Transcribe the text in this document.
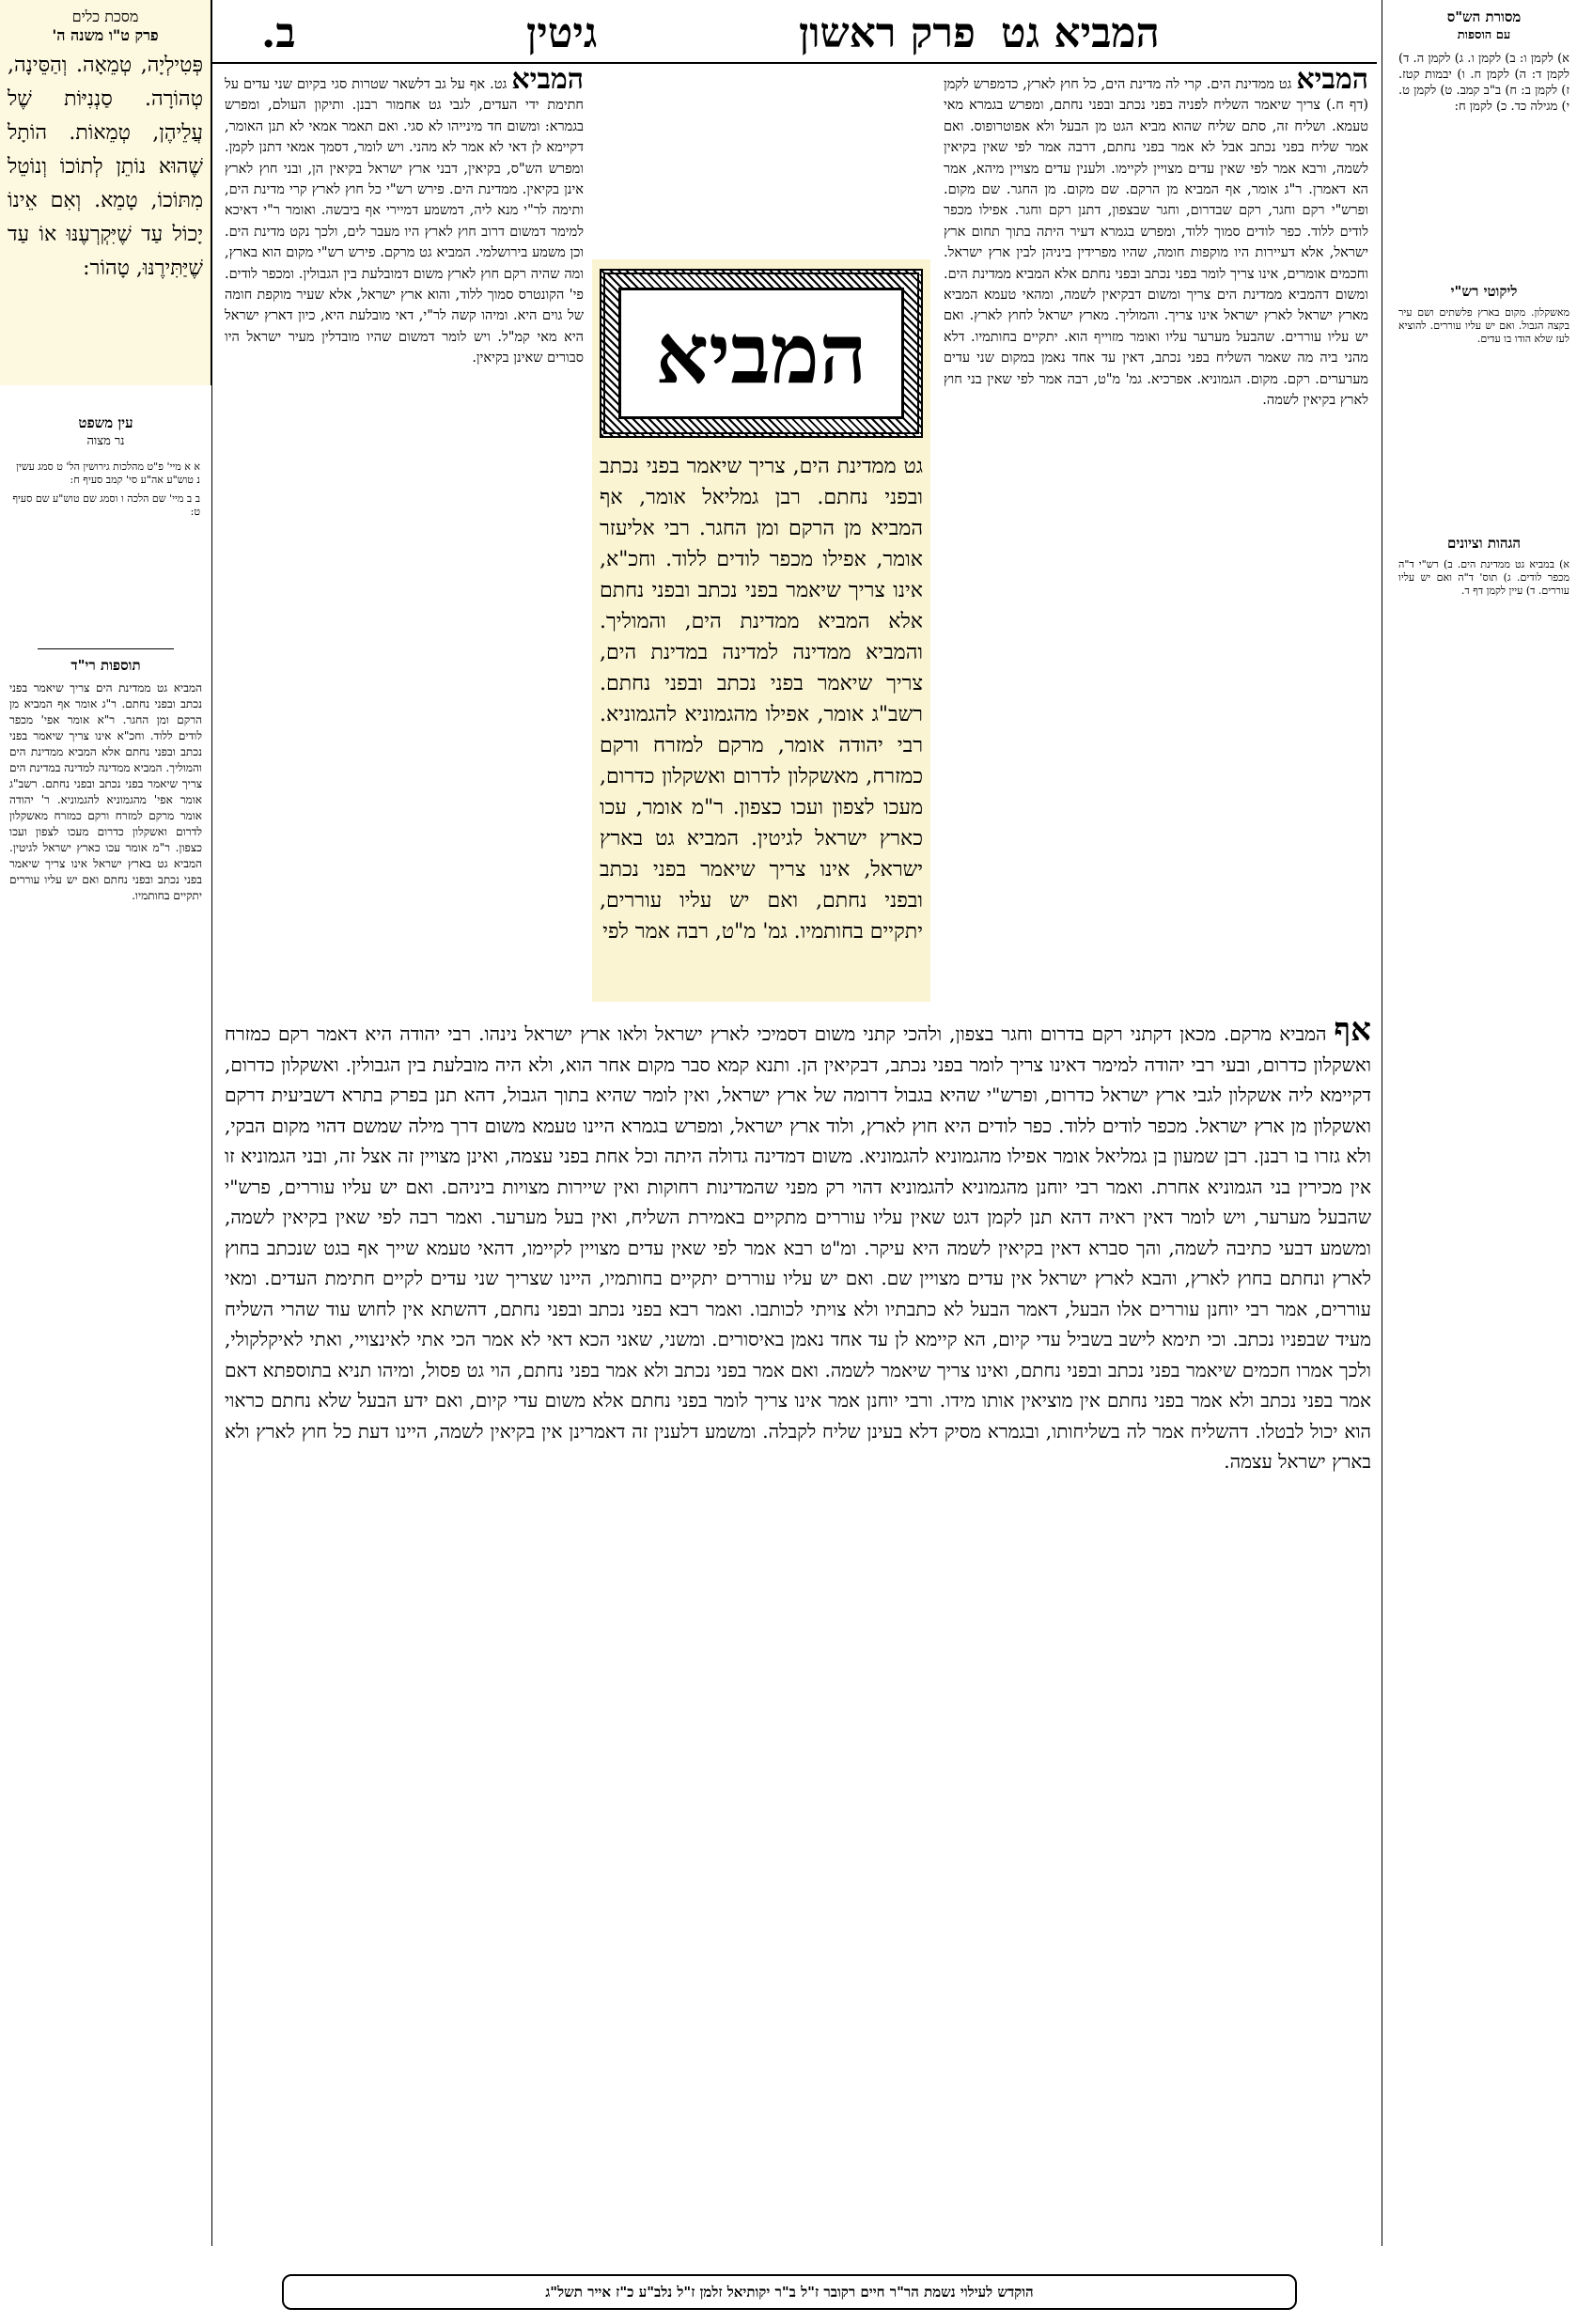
ב.	גיטין	פרק ראשון המביא גט
מסכת כלים
פרק ט"ו משנה ה'
פְּטִילְיָה, טְמֵאָה. וְהַסֵּינָה, טְהוֹרָה. סַנְנִיּוֹת שֶׁל עֲלֵיהֶן, טְמֵאוֹת. הוֹתָל שֶׁהוּא נוֹתֵן לְתוֹכוֹ וְנוֹטֵל מִתּוֹכוֹ, טָמֵא. וְאִם אֵינוֹ יָכוֹל עַד שֶׁיִּקְרְעֶנּוּ אוֹ עַד שֶׁיַּתִּירֶנּוּ, טָהוֹר:
עין משפט
נר מצוה
א א מיי' פ"ט מהלכות גירושין הל' ט סמג עשין נ טוש"ע אה"ע סי' קמב סעיף ח:
ב ב מיי' שם הלכה ו וסמג שם טוש"ע שם סעיף ט:
תוספות רי"ד
המביא גט ממדינת הים צריך שיאמר בפני נכתב ובפני נחתם. ר"ג אומר אף המביא מן הרקם ומן החגר. ר"א אומר אפי' מכפר לודים ללוד. וחכ"א אינו צריך שיאמר בפני נכתב ובפני נחתם אלא המביא ממדינת הים והמוליך. המביא ממדינה למדינה במדינת הים צריך שיאמר בפני נכתב ובפני נחתם. רשב"ג אומר אפי' מהגמוניא להגמוניא. ר' יהודה אומר מרקם למזרח ורקם כמזרח מאשקלון לדרום ואשקלון כדרום מעכו לצפון ועכו כצפון. ר"מ אומר עכו כארץ ישראל לגיטין. המביא גט בארץ ישראל אינו צריך שיאמר בפני נכתב ובפני נחתם ואם יש עליו עוררים יתקיים בחותמיו.
מסורת הש"ס
עם הוספות
א) לקמן ו: ב) לקמן ו. ג) לקמן ה. ד) לקמן ד: ה) לקמן ח. ו) יבמות קטז. ז) לקמן ב: ח) ב"ב קמב. ט) לקמן ט. י) מגילה כד. כ) לקמן ח:
ליקוטי רש"י
מאשקלון. מקום בארץ פלשתים ושם עיר בקצה הגבול. ואם יש עליו עוררים. להוציא לעז שלא הודו בו עדים.
הגהות וציונים
א) במביא גט ממדינת הים. ב) רש"י ד"ה מכפר לודים. ג) תוס' ד"ה ואם יש עליו עוררים. ד) עיין לקמן דף ד.
המביא גט ממדינת הים. קרי לה מדינת הים, כל חוץ לארץ, כדמפרש לקמן (דף ח.) צריך שיאמר השליח לפניה בפני נכתב ובפני נחתם, ומפרש בגמרא מאי טעמא. ושליח זה, סתם שליח שהוא מביא הגט מן הבעל ולא אפוטרופוס. ואם אמר שליח בפני נכתב אבל לא אמר בפני נחתם, דרבה אמר לפי שאין בקיאין לשמה, ורבא אמר לפי שאין עדים מצויין לקיימו. ולענין עדים מצויין מיהא, אמר הא דאמרן. ר"ג אומר, אף המביא מן הרקם. שם מקום. מן החגר. שם מקום. ופרש"י רקם וחגר, רקם שבדרום, וחגר שבצפון, דתנן רקם וחגר. אפילו מכפר לודים ללוד. כפר לודים סמוך ללוד, ומפרש בגמרא דעיר היתה בתוך תחום ארץ ישראל, אלא דעיירות היו מוקפות חומה, שהיו מפרידין ביניהן לבין ארץ ישראל. וחכמים אומרים, אינו צריך לומר בפני נכתב ובפני נחתם אלא המביא ממדינת הים. ומשום דהמביא ממדינת הים צריך ומשום דבקיאין לשמה, ומהאי טעמא המביא מארץ ישראל לארץ ישראל אינו צריך. והמוליך. מארץ ישראל לחוץ לארץ. ואם יש עליו עוררים. שהבעל מערער עליו ואומר מזוייף הוא. יתקיים בחותמיו. דלא מהני ביה מה שאמר השליח בפני נכתב, דאין עד אחד נאמן במקום שני עדים מערערים. רקם. מקום. הגמוניא. אפרכיא. גמ' מ"ט, רבה אמר לפי שאין בני חוץ לארץ בקיאין לשמה.
המביא גט. אף על גב דלשאר שטרות סגי בקיום שני עדים על חתימת ידי העדים, לגבי גט אחמור רבנן. ותיקון העולם, ומפרש בגמרא: ומשום חד מינייהו לא סגי. ואם תאמר אמאי לא תנן האומר, דקיימא לן דאי לא אמר לא מהני. ויש לומר, דסמך אמאי דתנן לקמן. ומפרש הש"ס, בקיאין, דבני ארץ ישראל בקיאין הן, ובני חוץ לארץ אינן בקיאין. ממדינת הים. פירש רש"י כל חוץ לארץ קרי מדינת הים, ותימה לר"י מנא ליה, דמשמע דמיירי אף ביבשה. ואומר ר"י דאיכא למימר דמשום דרוב חוץ לארץ היו מעבר לים, ולכך נקט מדינת הים. וכן משמע בירושלמי. המביא גט מרקם. פירש רש"י מקום הוא בארץ, ומה שהיה רקם חוץ לארץ משום דמובלעת בין הגבולין. ומכפר לודים. פי' הקונטרס סמוך ללוד, והוא ארץ ישראל, אלא שעיר מוקפת חומה של גוים היא. ומיהו קשה לר"י, דאי מובלעת היא, כיון דארץ ישראל היא מאי קמ"ל. ויש לומר דמשום שהיו מובדלין מעיר ישראל היו סבורים שאינן בקיאין. המביא
גט ממדינת הים, צריך שיאמר בפני נכתב ובפני נחתם. רבן גמליאל אומר, אף המביא מן הרקם ומן החגר. רבי אליעזר אומר, אפילו מכפר לודים ללוד. וחכ"א, אינו צריך שיאמר בפני נכתב ובפני נחתם אלא המביא ממדינת הים, והמוליך. והמביא ממדינה למדינה במדינת הים, צריך שיאמר בפני נכתב ובפני נחתם. רשב"ג אומר, אפילו מהגמוניא להגמוניא. רבי יהודה אומר, מרקם למזרח ורקם כמזרח, מאשקלון לדרום ואשקלון כדרום, מעכו לצפון ועכו כצפון. ר"מ אומר, עכו כארץ ישראל לגיטין. המביא גט בארץ ישראל, אינו צריך שיאמר בפני נכתב ובפני נחתם, ואם יש עליו עוררים, יתקיים בחותמיו. גמ' מ"ט, רבה אמר לפי
אף המביא מרקם. מכאן דקתני רקם בדרום וחגר בצפון, ולהכי קתני משום דסמיכי לארץ ישראל ולאו ארץ ישראל נינהו. רבי יהודה היא דאמר רקם כמזרח ואשקלון כדרום, ובעי רבי יהודה למימר דאינו צריך לומר בפני נכתב, דבקיאין הן. ותנא קמא סבר מקום אחר הוא, ולא היה מובלעת בין הגבולין. ואשקלון כדרום, דקיימא ליה אשקלון לגבי ארץ ישראל כדרום, ופרש"י שהיא בגבול דרומה של ארץ ישראל, ואין לומר שהיא בתוך הגבול, דהא תנן בפרק בתרא דשביעית דרקם ואשקלון מן ארץ ישראל. מכפר לודים ללוד. כפר לודים היא חוץ לארץ, ולוד ארץ ישראל, ומפרש בגמרא היינו טעמא משום דרך מילה שמשם דהוי מקום הבקי, ולא גזרו בו רבנן. רבן שמעון בן גמליאל אומר אפילו מהגמוניא להגמוניא. משום דמדינה גדולה היתה וכל אחת בפני עצמה, ואינן מצויין זה אצל זה, ובני הגמוניא זו אין מכירין בני הגמוניא אחרת. ואמר רבי יוחנן מהגמוניא להגמוניא דהוי רק מפני שהמדינות רחוקות ואין שיירות מצויות ביניהם. ואם יש עליו עוררים, פרש"י שהבעל מערער, ויש לומר דאין ראיה דהא תנן לקמן דגט שאין עליו עוררים מתקיים באמירת השליח, ואין בעל מערער. ואמר רבה לפי שאין בקיאין לשמה, ומשמע דבעי כתיבה לשמה, והך סברא דאין בקיאין לשמה היא עיקר. ומ"ט רבא אמר לפי שאין עדים מצויין לקיימו, דהאי טעמא שייך אף בגט שנכתב בחוץ לארץ ונחתם בחוץ לארץ, והבא לארץ ישראל אין עדים מצויין שם. ואם יש עליו עוררים יתקיים בחותמיו, היינו שצריך שני עדים לקיים חתימת העדים. ומאי עוררים, אמר רבי יוחנן עוררים אלו הבעל, דאמר הבעל לא כתבתיו ולא צויתי לכותבו. ואמר רבא בפני נכתב ובפני נחתם, דהשתא אין לחוש עוד שהרי השליח מעיד שבפניו נכתב. וכי תימא לישב בשביל עדי קיום, הא קיימא לן עד אחד נאמן באיסורים. ומשני, שאני הכא דאי לא אמר הכי אתי לאינצויי, ואתי לאיקלקולי, ולכך אמרו חכמים שיאמר בפני נכתב ובפני נחתם, ואינו צריך שיאמר לשמה. ואם אמר בפני נכתב ולא אמר בפני נחתם, הוי גט פסול, ומיהו תניא בתוספתא דאם אמר בפני נכתב ולא אמר בפני נחתם אין מוציאין אותו מידו. ורבי יוחנן אמר אינו צריך לומר בפני נחתם אלא משום עדי קיום, ואם ידע הבעל שלא נחתם כראוי הוא יכול לבטלו. דהשליח אמר לה בשליחותו, ובגמרא מסיק דלא בעינן שליח לקבלה. ומשמע דלענין זה דאמרינן אין בקיאין לשמה, היינו דעת כל חוץ לארץ ולא בארץ ישראל עצמה.
הוקדש לעילוי נשמת הר"ר חיים רקובר ז"ל ב"ר יקותיאל זלמן ז"ל נלב"ע כ"ז אייר תשל"ג
